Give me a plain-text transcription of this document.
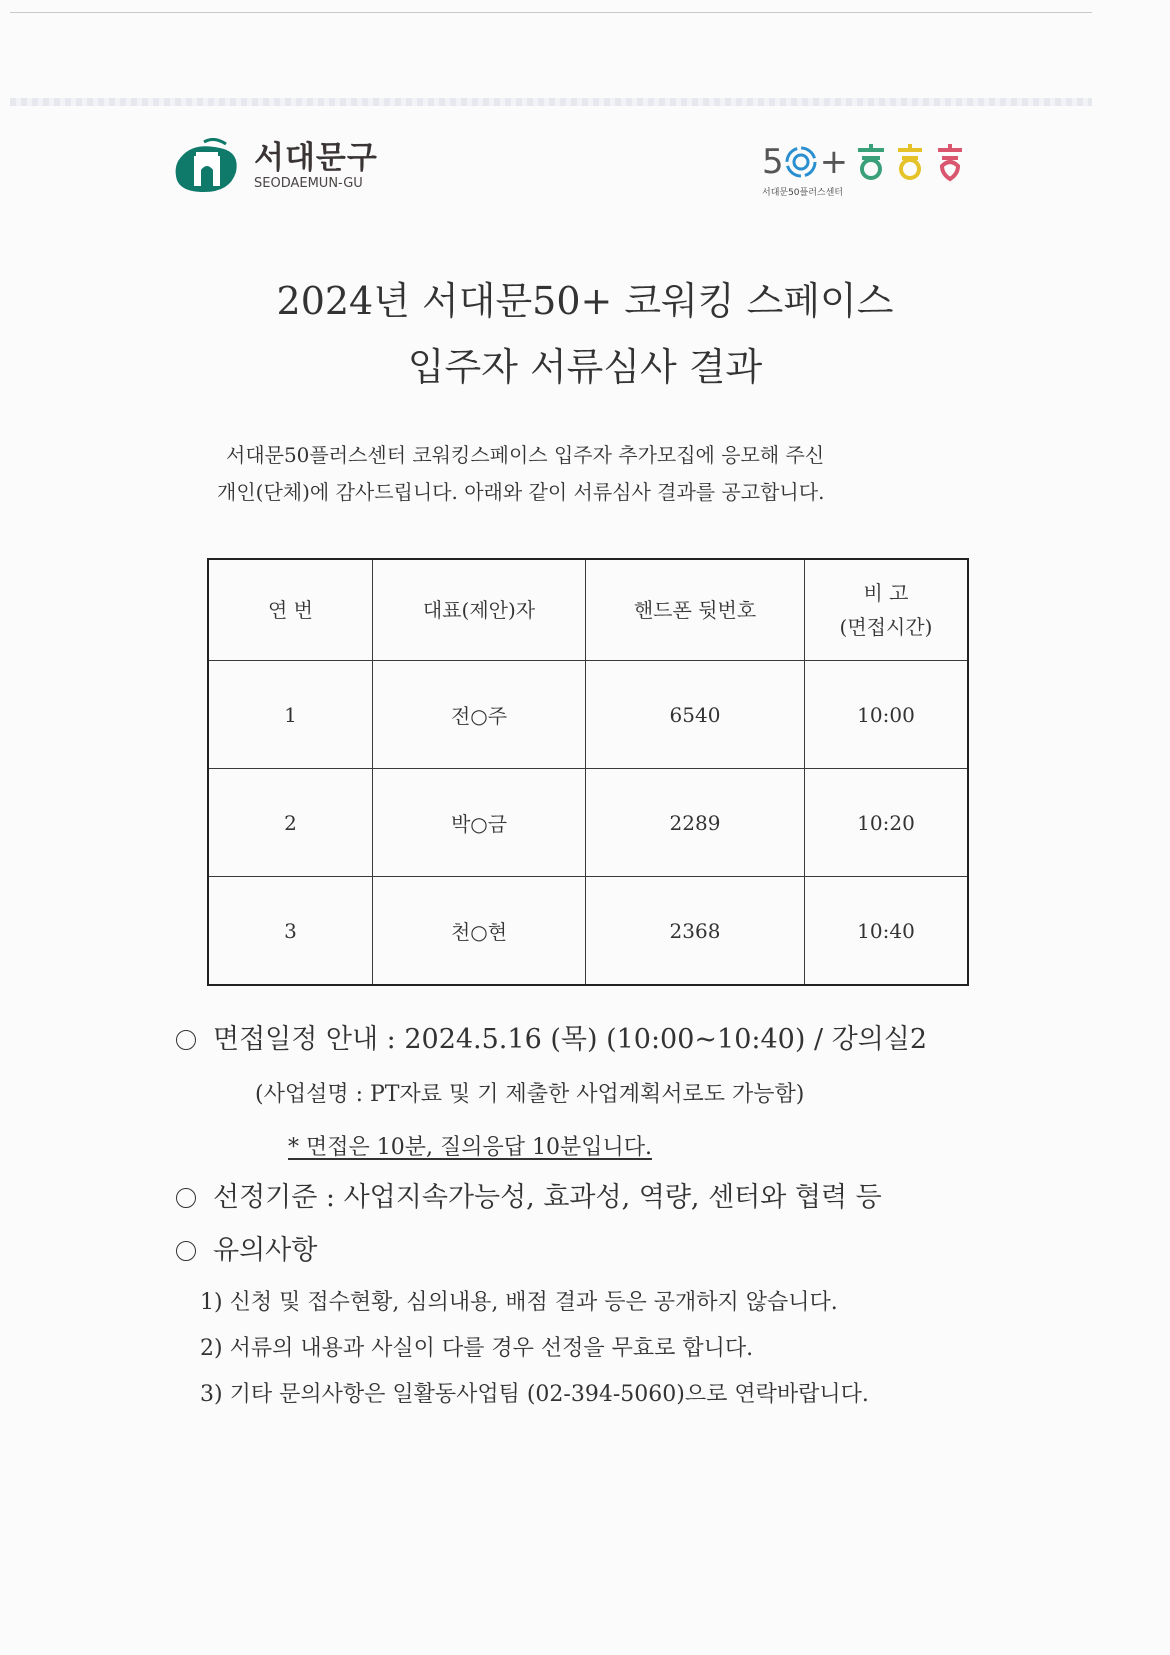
서대문구
SEODAEMUN-GU
5 +
서대문50플러스센터
2024년 서대문50+ 코워킹 스페이스
입주자 서류심사 결과
서대문50플러스센터 코워킹스페이스 입주자 추가모집에 응모해 주신
개인(단체)에 감사드립니다. 아래와 같이 서류심사 결과를 공고합니다.
연 번	대표(제안)자	핸드폰 뒷번호	비 고
(면접시간)

1	전○주	6540	10:00
2	박○금	2289	10:20
3	천○현	2368	10:40
면접일정 안내 : 2024.5.16 (목) (10:00~10:40) / 강의실2
(사업설명 : PT자료 및 기 제출한 사업계획서로도 가능함)
* 면접은 10분, 질의응답 10분입니다.
선정기준 : 사업지속가능성, 효과성, 역량, 센터와 협력 등
유의사항
1) 신청 및 접수현황, 심의내용, 배점 결과 등은 공개하지 않습니다.
2) 서류의 내용과 사실이 다를 경우 선정을 무효로 합니다.
3) 기타 문의사항은 일활동사업팀 (02-394-5060)으로 연락바랍니다.
